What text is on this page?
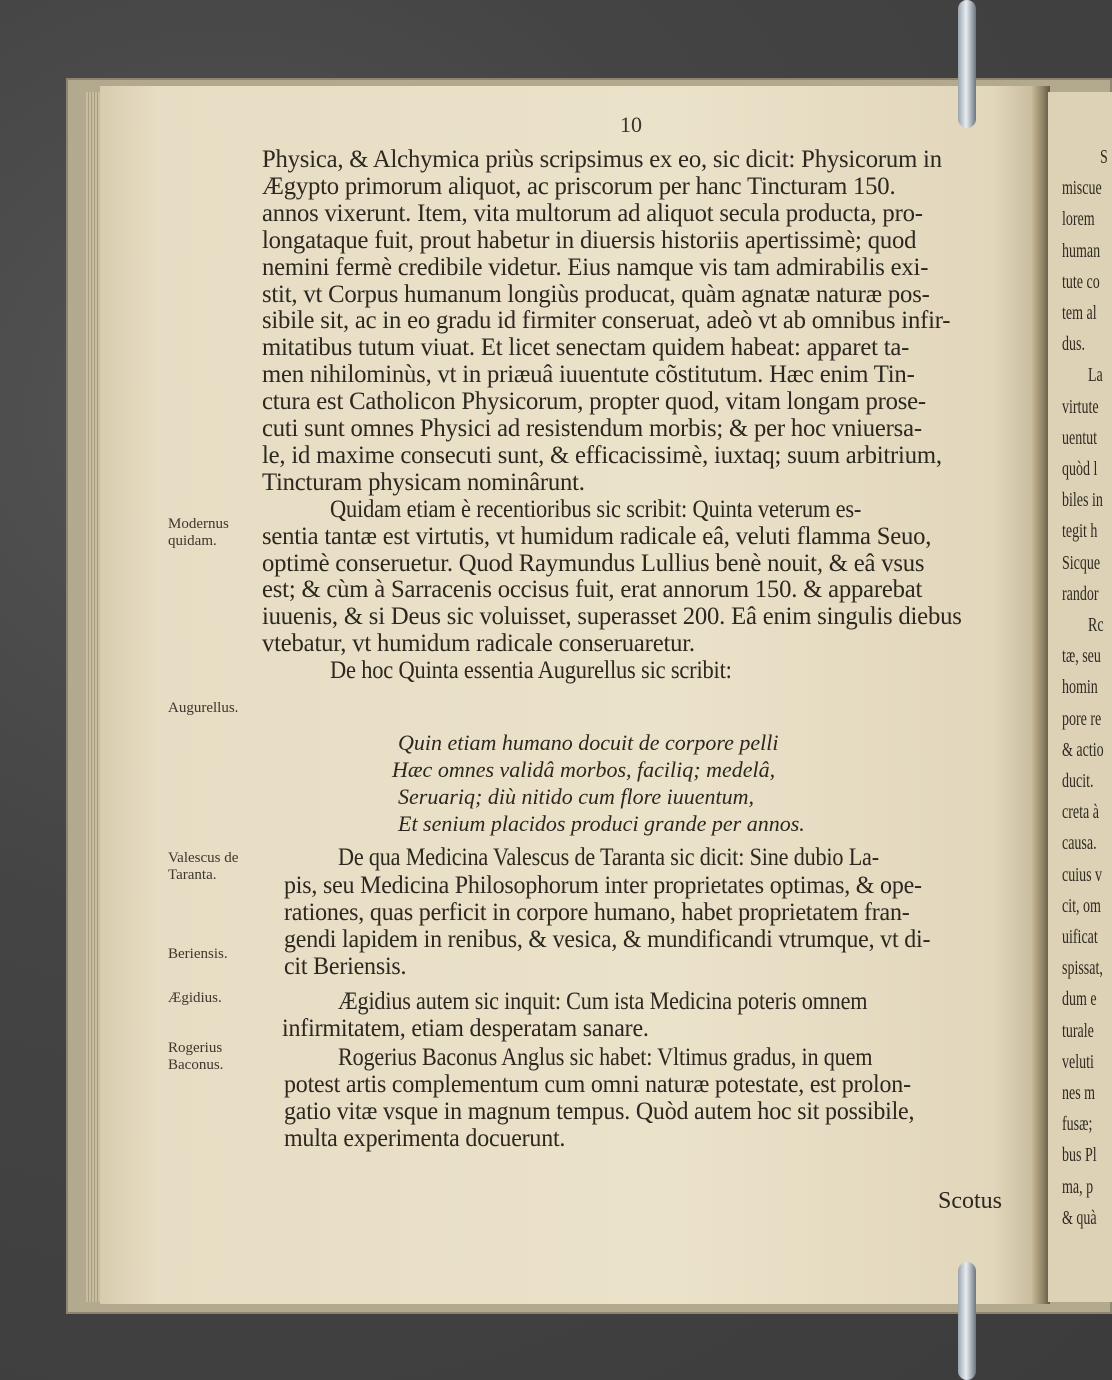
S
miscue
lorem
human
tute co
tem al
dus.
La
virtute
uentut
quòd l
biles in
tegit h
Sicque
randor
Rc
tæ, seu
homin
pore re
& actio
ducit.
creta à
causa.
cuius v
cit, om
uificat
spissat,
dum e
turale
veluti
nes m
fusæ;
bus Pl
ma, p
& quà
10
Physica, & Alchymica priùs scripsimus ex eo, sic dicit: Physicorum in
Ægypto primorum aliquot, ac priscorum per hanc Tincturam 150.
annos vixerunt. Item, vita multorum ad aliquot secula producta, pro-
longataque fuit, prout habetur in diuersis historiis apertissimè; quod
nemini fermè credibile videtur. Eius namque vis tam admirabilis exi-
stit, vt Corpus humanum longiùs producat, quàm agnatæ naturæ pos-
sibile sit, ac in eo gradu id firmiter conseruat, adeò vt ab omnibus infir-
mitatibus tutum viuat. Et licet senectam quidem habeat: apparet ta-
men nihilominùs, vt in priæuâ iuuentute cõstitutum. Hæc enim Tin-
ctura est Catholicon Physicorum, propter quod, vitam longam prose-
cuti sunt omnes Physici ad resistendum morbis; & per hoc vniuersa-
le, id maxime consecuti sunt, & efficacissimè, iuxtaq; suum arbitrium,
Tincturam physicam nominârunt.
Quidam etiam è recentioribus sic scribit: Quinta veterum es-
sentia tantæ est virtutis, vt humidum radicale eâ, veluti flamma Seuo,
optimè conseruetur. Quod Raymundus Lullius benè nouit, & eâ vsus
est; & cùm à Sarracenis occisus fuit, erat annorum 150. & apparebat
iuuenis, & si Deus sic voluisset, superasset 200. Eâ enim singulis diebus
vtebatur, vt humidum radicale conseruaretur.
De hoc Quinta essentia Augurellus sic scribit:
Quin etiam humano docuit de corpore pelli
Hæc omnes validâ morbos, faciliq; medelâ,
Seruariq; diù nitido cum flore iuuentum,
Et senium placidos produci grande per annos.
De qua Medicina Valescus de Taranta sic dicit: Sine dubio La-
pis, seu Medicina Philosophorum inter proprietates optimas, & ope-
rationes, quas perficit in corpore humano, habet proprietatem fran-
gendi lapidem in renibus, & vesica, & mundificandi vtrumque, vt di-
cit Beriensis.
Ægidius autem sic inquit: Cum ista Medicina poteris omnem
infirmitatem, etiam desperatam sanare.
Rogerius Baconus Anglus sic habet: Vltimus gradus, in quem
potest artis complementum cum omni naturæ potestate, est prolon-
gatio vitæ vsque in magnum tempus. Quòd autem hoc sit possibile,
multa experimenta docuerunt.
Modernus
quidam.
Augurellus.
Valescus de
Taranta.
Beriensis.
Ægidius.
Rogerius
Baconus.
Scotus
